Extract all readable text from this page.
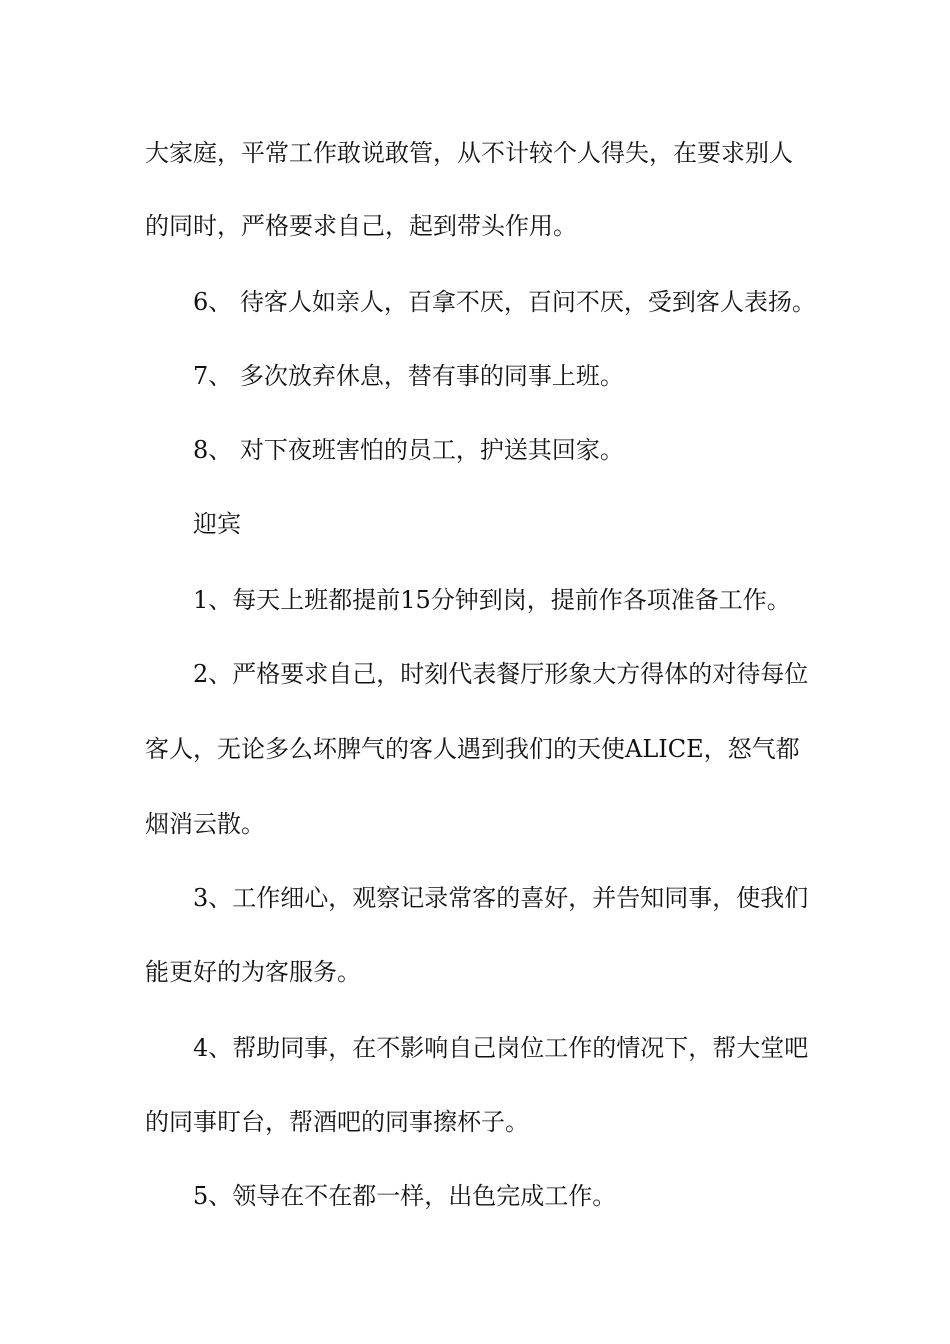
大家庭，平常工作敢说敢管，从不计较个人得失，在要求别人
的同时，严格要求自己，起到带头作用。
6、 待客人如亲人，百拿不厌，百问不厌，受到客人表扬。
7、 多次放弃休息，替有事的同事上班。
8、 对下夜班害怕的员工，护送其回家。
迎宾
1、每天上班都提前15分钟到岗，提前作各项准备工作。
2、严格要求自己，时刻代表餐厅形象大方得体的对待每位
客人，无论多么坏脾气的客人遇到我们的天使ALICE，怒气都
烟消云散。
3、工作细心，观察记录常客的喜好，并告知同事，使我们
能更好的为客服务。
4、帮助同事，在不影响自己岗位工作的情况下，帮大堂吧
的同事盯台，帮酒吧的同事擦杯子。
5、领导在不在都一样，出色完成工作。
